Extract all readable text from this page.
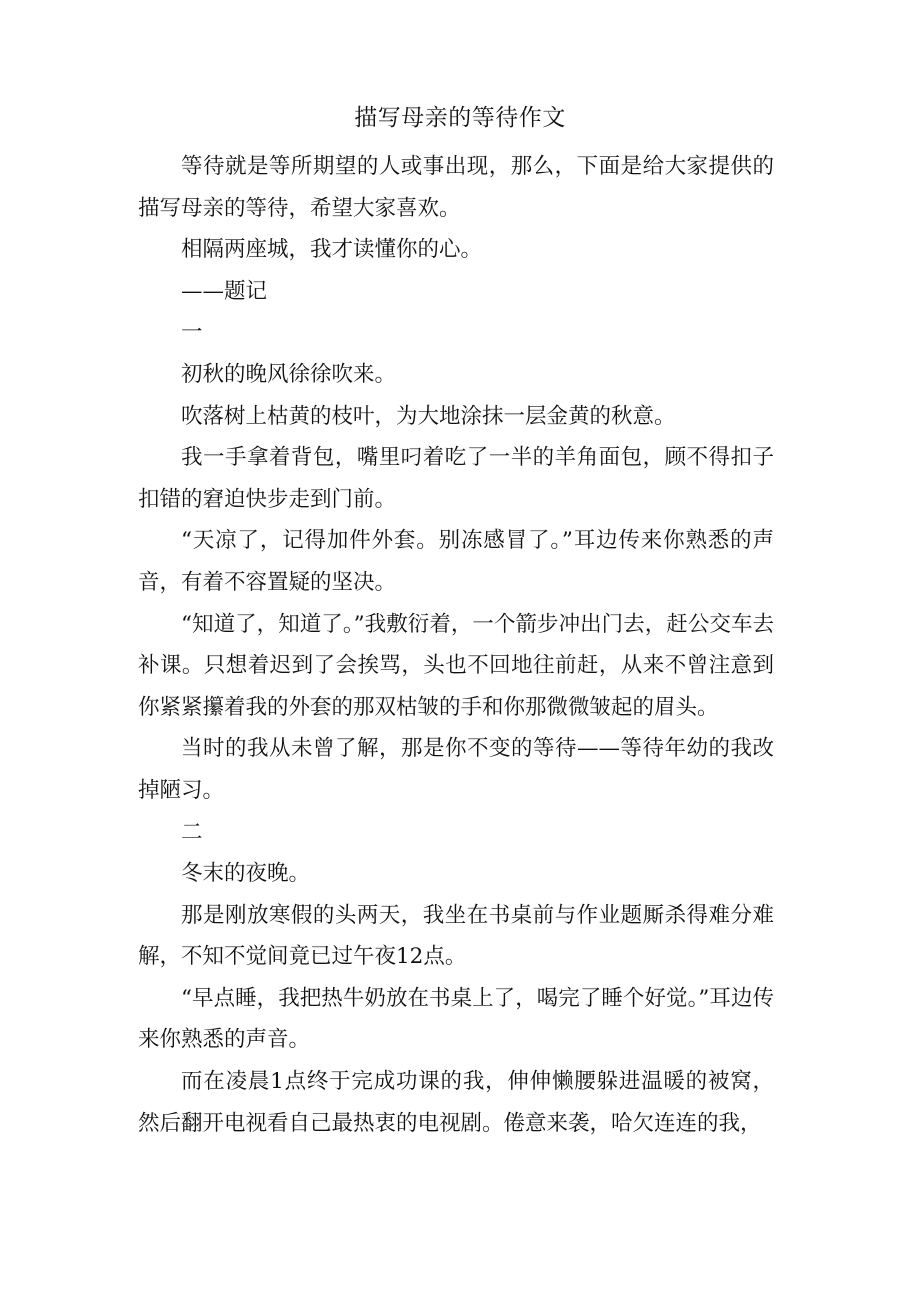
描写母亲的等待作文

等待就是等所期望的人或事出现，那么，下面是给大家提供的描写母亲的等待，希望大家喜欢。

相隔两座城，我才读懂你的心。

——题记

一

初秋的晚风徐徐吹来。

吹落树上枯黄的枝叶，为大地涂抹一层金黄的秋意。

我一手拿着背包，嘴里叼着吃了一半的羊角面包，顾不得扣子扣错的窘迫快步走到门前。

“天凉了，记得加件外套。别冻感冒了。”耳边传来你熟悉的声音，有着不容置疑的坚决。

“知道了，知道了。”我敷衍着，一个箭步冲出门去，赶公交车去补课。只想着迟到了会挨骂，头也不回地往前赶，从来不曾注意到你紧紧攥着我的外套的那双枯皱的手和你那微微皱起的眉头。

当时的我从未曾了解，那是你不变的等待——等待年幼的我改掉陋习。

二

冬末的夜晚。

那是刚放寒假的头两天，我坐在书桌前与作业题厮杀得难分难解，不知不觉间竟已过午夜12点。

“早点睡，我把热牛奶放在书桌上了，喝完了睡个好觉。”耳边传来你熟悉的声音。

而在凌晨1点终于完成功课的我，伸伸懒腰躲进温暖的被窝，然后翻开电视看自己最热衷的电视剧。倦意来袭，哈欠连连的我，
